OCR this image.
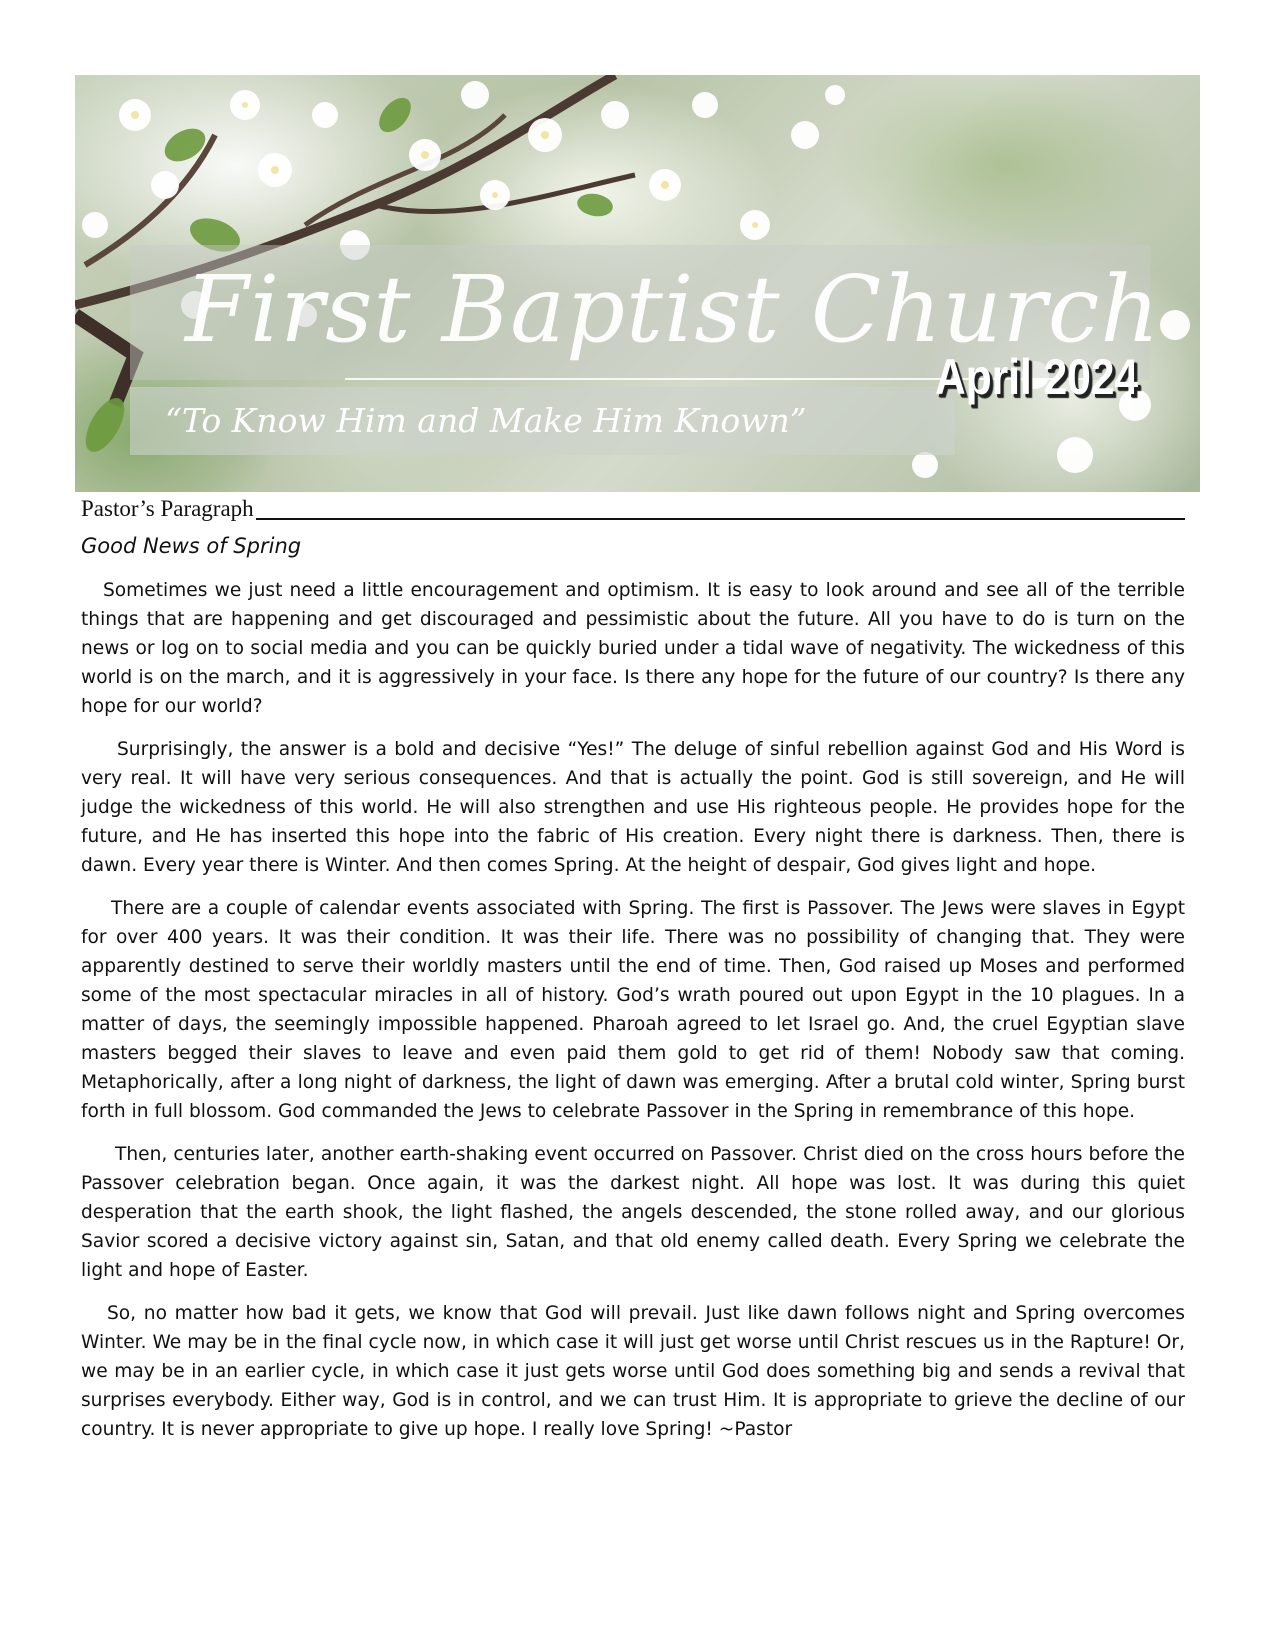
First Baptist Church
“To Know Him and Make Him Known”
April 2024
Pastor’s Paragraph
Good News of Spring

Sometimes we just need a little encouragement and optimism. It is easy to look around and see all of the terrible things that are happening and get discouraged and pessimistic about the future. All you have to do is turn on the news or log on to social media and you can be quickly buried under a tidal wave of negativity. The wickedness of this world is on the march, and it is aggressively in your face. Is there any hope for the future of our country? Is there any hope for our world?

Surprisingly, the answer is a bold and decisive “Yes!” The deluge of sinful rebellion against God and His Word is very real. It will have very serious consequences. And that is actually the point. God is still sovereign, and He will judge the wickedness of this world. He will also strengthen and use His righteous people. He provides hope for the future, and He has inserted this hope into the fabric of His creation. Every night there is darkness. Then, there is dawn. Every year there is Winter. And then comes Spring. At the height of despair, God gives light and hope.

There are a couple of calendar events associated with Spring. The first is Passover. The Jews were slaves in Egypt for over 400 years. It was their condition. It was their life. There was no possibility of changing that. They were apparently destined to serve their worldly masters until the end of time. Then, God raised up Moses and performed some of the most spectacular miracles in all of history. God’s wrath poured out upon Egypt in the 10 plagues. In a matter of days, the seemingly impossible happened. Pharoah agreed to let Israel go. And, the cruel Egyptian slave masters begged their slaves to leave and even paid them gold to get rid of them! Nobody saw that coming. Metaphorically, after a long night of darkness, the light of dawn was emerging. After a brutal cold winter, Spring burst forth in full blossom. God commanded the Jews to celebrate Passover in the Spring in remembrance of this hope.

Then, centuries later, another earth-shaking event occurred on Passover. Christ died on the cross hours before the Passover celebration began. Once again, it was the darkest night. All hope was lost. It was during this quiet desperation that the earth shook, the light flashed, the angels descended, the stone rolled away, and our glorious Savior scored a decisive victory against sin, Satan, and that old enemy called death. Every Spring we celebrate the light and hope of Easter.

So, no matter how bad it gets, we know that God will prevail. Just like dawn follows night and Spring overcomes Winter. We may be in the final cycle now, in which case it will just get worse until Christ rescues us in the Rapture! Or, we may be in an earlier cycle, in which case it just gets worse until God does something big and sends a revival that surprises everybody. Either way, God is in control, and we can trust Him. It is appropriate to grieve the decline of our country. It is never appropriate to give up hope. I really love Spring! ~Pastor
